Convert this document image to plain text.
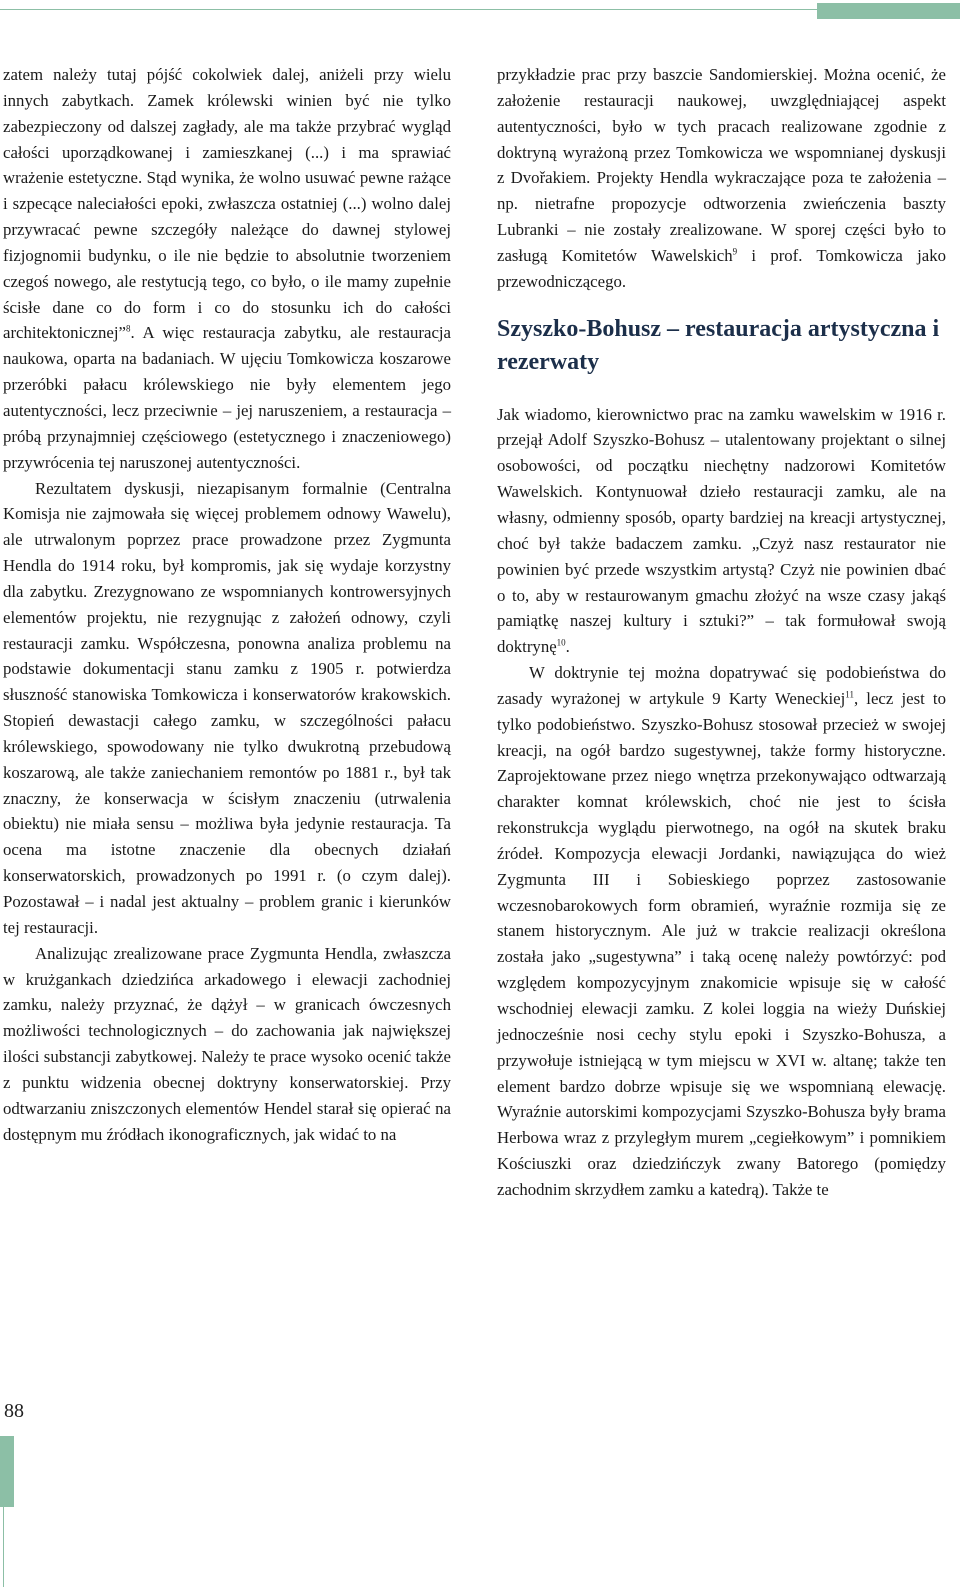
zatem należy tutaj pójść cokolwiek dalej, aniżeli przy wielu innych zabytkach. Zamek królewski winien być nie tylko zabezpieczony od dalszej zagłady, ale ma także przybrać wygląd całości uporządkowanej i zamieszkanej (...) i ma sprawiać wrażenie estetyczne. Stąd wynika, że wolno usuwać pewne rażące i szpecące naleciałości epoki, zwłaszcza ostatniej (...) wolno dalej przywracać pewne szczegóły należące do dawnej stylowej fizjognomii budynku, o ile nie będzie to absolutnie tworzeniem czegoś nowego, ale restytucją tego, co było, o ile mamy zupełnie ścisłe dane co do form i co do stosunku ich do całości architektonicznej”$^8$. A więc restauracja zabytku, ale restauracja naukowa, oparta na badaniach. W ujęciu Tomkowicza koszarowe przeróbki pałacu królewskiego nie były elementem jego autentyczności, lecz przeciwnie – jej naruszeniem, a restauracja – próbą przynajmniej częściowego (estetycznego i znaczeniowego) przywrócenia tej naruszonej autentyczności.

Rezultatem dyskusji, niezapisanym formalnie (Centralna Komisja nie zajmowała się więcej problemem odnowy Wawelu), ale utrwalonym poprzez prace prowadzone przez Zygmunta Hendla do 1914 roku, był kompromis, jak się wydaje korzystny dla zabytku. Zrezygnowano ze wspomnianych kontrowersyjnych elementów projektu, nie rezygnując z założeń odnowy, czyli restauracji zamku. Współczesna, ponowna analiza problemu na podstawie dokumentacji stanu zamku z 1905 r. potwierdza słuszność stanowiska Tomkowicza i konserwatorów krakowskich. Stopień dewastacji całego zamku, w szczególności pałacu królewskiego, spowodowany nie tylko dwukrotną przebudową koszarową, ale także zaniechaniem remontów po 1881 r., był tak znaczny, że konserwacja w ścisłym znaczeniu (utrwalenia obiektu) nie miała sensu – możliwa była jedynie restauracja. Ta ocena ma istotne znaczenie dla obecnych działań konserwatorskich, prowadzonych po 1991 r. (o czym dalej). Pozostawał – i nadal jest aktualny – problem granic i kierunków tej restauracji.

Analizując zrealizowane prace Zygmunta Hendla, zwłaszcza w krużgankach dziedzińca arkadowego i elewacji zachodniej zamku, należy przyznać, że dążył – w granicach ówczesnych możliwości technologicznych – do zachowania jak największej ilości substancji zabytkowej. Należy te prace wysoko ocenić także z punktu widzenia obecnej doktryny konserwatorskiej. Przy odtwarzaniu zniszczonych elementów Hendel starał się opierać na dostępnym mu źródłach ikonograficznych, jak widać to na

przykładzie prac przy baszcie Sandomierskiej. Można ocenić, że założenie restauracji naukowej, uwzględniającej aspekt autentyczności, było w tych pracach realizowane zgodnie z doktryną wyrażoną przez Tomkowicza we wspomnianej dyskusji z Dvořakiem. Projekty Hendla wykraczające poza te założenia – np. nietrafne propozycje odtworzenia zwieńczenia baszty Lubranki – nie zostały zrealizowane. W sporej części było to zasługą Komitetów Wawelskich$^9$ i prof. Tomkowicza jako przewodniczącego.

Szyszko-Bohusz – restauracja artystyczna i rezerwaty

Jak wiadomo, kierownictwo prac na zamku wawelskim w 1916 r. przejął Adolf Szyszko-Bohusz – utalentowany projektant o silnej osobowości, od początku niechętny nadzorowi Komitetów Wawelskich. Kontynuował dzieło restauracji zamku, ale na własny, odmienny sposób, oparty bardziej na kreacji artystycznej, choć był także badaczem zamku. „Czyż nasz restaurator nie powinien być przede wszystkim artystą? Czyż nie powinien dbać o to, aby w restaurowanym gmachu złożyć na wsze czasy jakąś pamiątkę naszej kultury i sztuki?” – tak formułował swoją doktrynę$^{10}$.

W doktrynie tej można dopatrywać się podobieństwa do zasady wyrażonej w artykule 9 Karty Weneckiej$^{11}$, lecz jest to tylko podobieństwo. Szyszko-Bohusz stosował przecież w swojej kreacji, na ogół bardzo sugestywnej, także formy historyczne. Zaprojektowane przez niego wnętrza przekonywająco odtwarzają charakter komnat królewskich, choć nie jest to ścisła rekonstrukcja wyglądu pierwotnego, na ogół na skutek braku źródeł. Kompozycja elewacji Jordanki, nawiązująca do wież Zygmunta III i Sobieskiego poprzez zastosowanie wczesnobarokowych form obramień, wyraźnie rozmija się ze stanem historycznym. Ale już w trakcie realizacji określona została jako „sugestywna” i taką ocenę należy powtórzyć: pod względem kompozycyjnym znakomicie wpisuje się w całość wschodniej elewacji zamku. Z kolei loggia na wieży Duńskiej jednocześnie nosi cechy stylu epoki i Szyszko-Bohusza, a przywołuje istniejącą w tym miejscu w XVI w. altanę; także ten element bardzo dobrze wpisuje się we wspomnianą elewację. Wyraźnie autorskimi kompozycjami Szyszko-Bohusza były brama Herbowa wraz z przyległym murem „cegiełkowym” i pomnikiem Kościuszki oraz dziedzińczyk zwany Batorego (pomiędzy zachodnim skrzydłem zamku a katedrą). Także te

88
